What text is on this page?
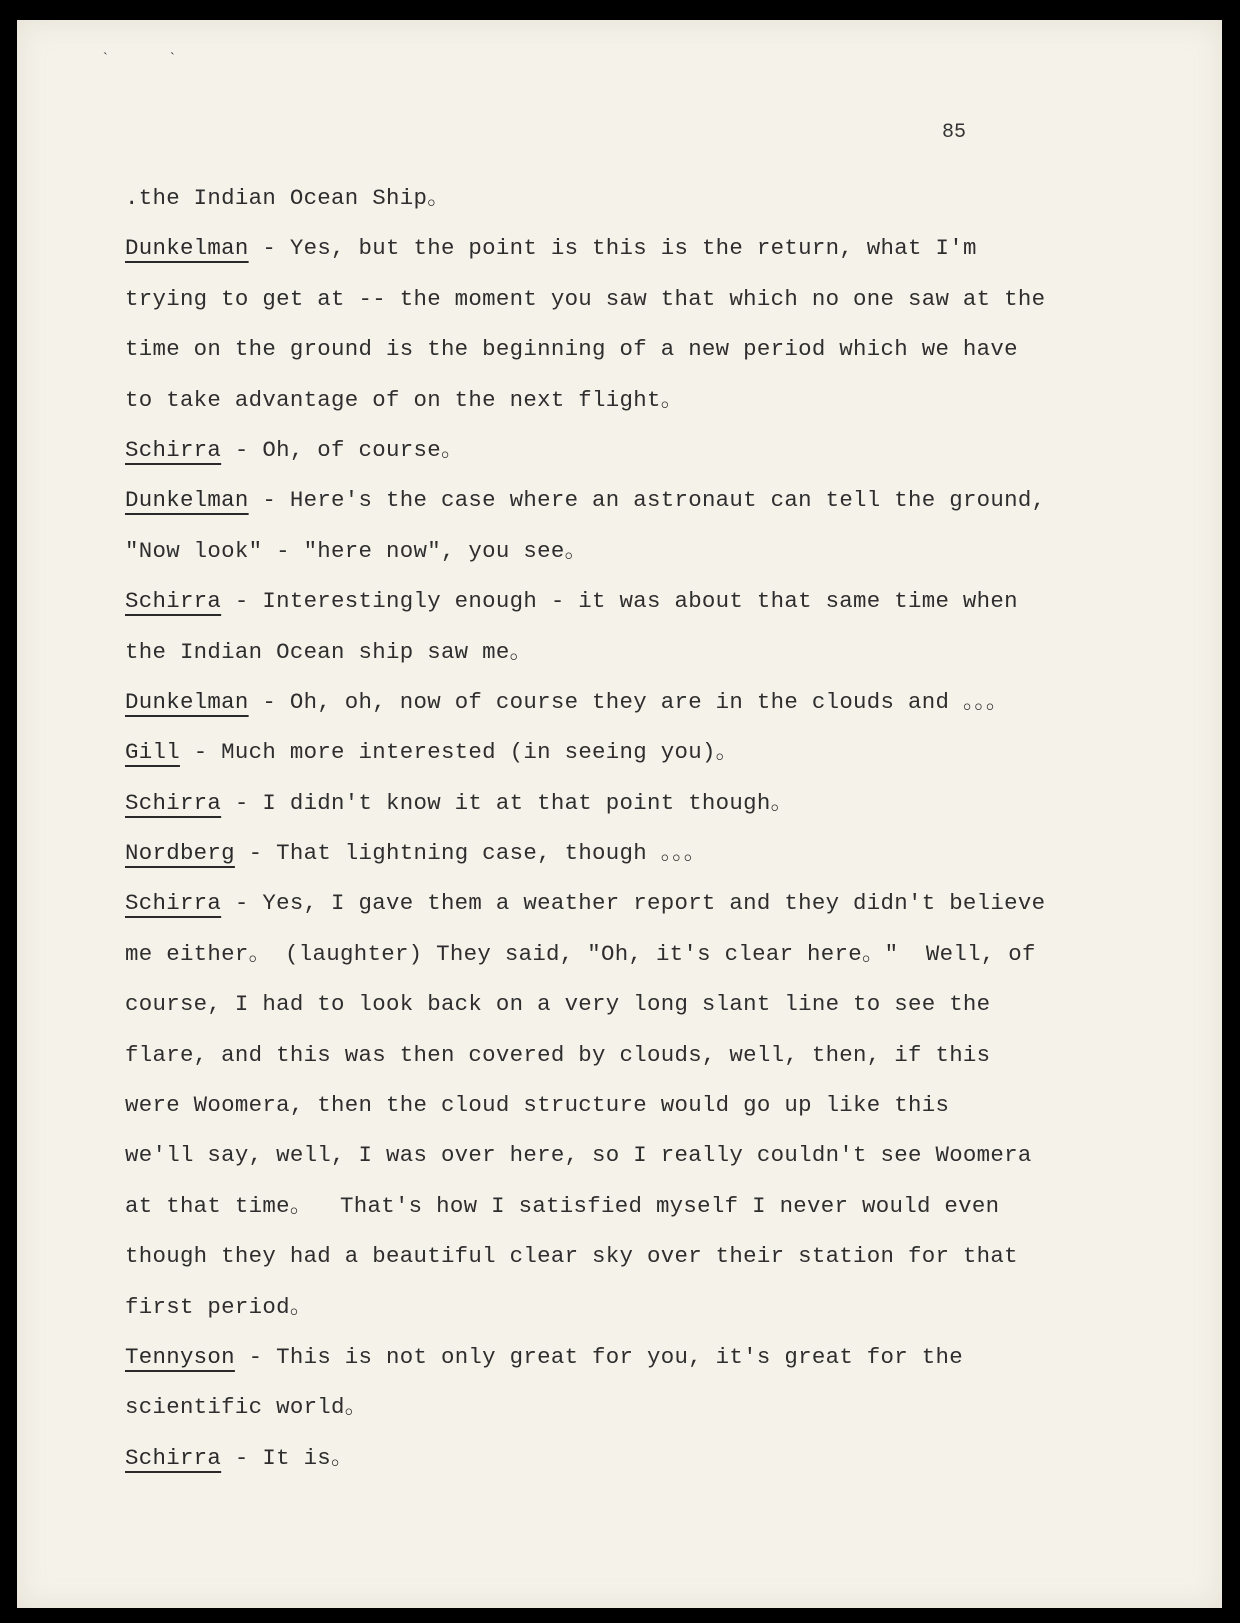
ˋ	ˋ
85
.the Indian Ocean Ship。
Dunkelman - Yes, but the point is this is the return, what I'm
trying to get at -- the moment you saw that which no one saw at the
time on the ground is the beginning of a new period which we have
to take advantage of on the next flight。
Schirra - Oh, of course。
Dunkelman - Here's the case where an astronaut can tell the ground,
"Now look" - "here now", you see。
Schirra - Interestingly enough - it was about that same time when
the Indian Ocean ship saw me。
Dunkelman - Oh, oh, now of course they are in the clouds and 。。。
Gill - Much more interested (in seeing you)。
Schirra - I didn't know it at that point though。
Nordberg - That lightning case, though 。。。
Schirra - Yes, I gave them a weather report and they didn't believe
me either。 (laughter) They said, "Oh, it's clear here。"  Well, of
course, I had to look back on a very long slant line to see the
flare, and this was then covered by clouds, well, then, if this
were Woomera, then the cloud structure would go up like this
we'll say, well, I was over here, so I really couldn't see Woomera
at that time。  That's how I satisfied myself I never would even
though they had a beautiful clear sky over their station for that
first period。
Tennyson - This is not only great for you, it's great for the
scientific world。
Schirra - It is。
